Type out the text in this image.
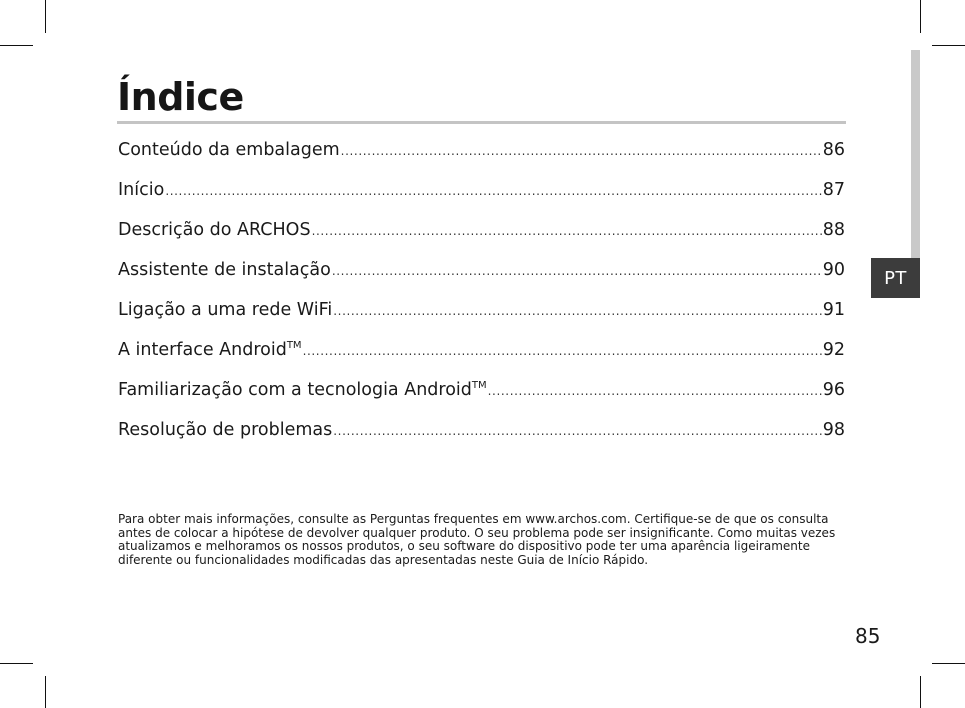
PT
Índice
Conteúdo da embalagem .....	86
Início .....	87
Descrição do ARCHOS .....	88
Assistente de instalação .....	90
Ligação a uma rede WiFi .....	91
A interface Android™ .....	92
Familiarização com a tecnologia Android™ .....	96
Resolução de problemas .....	98

Para obter mais informações, consulte as Perguntas frequentes em www.archos.com. Certifique-se de que os consulta antes de colocar a hipótese de devolver qualquer produto. O seu problema pode ser insignificante. Como muitas vezes atualizamos e melhoramos os nossos produtos, o seu software do dispositivo pode ter uma aparência ligeiramente diferente ou funcionalidades modificadas das apresentadas neste Guia de Início Rápido.

85
